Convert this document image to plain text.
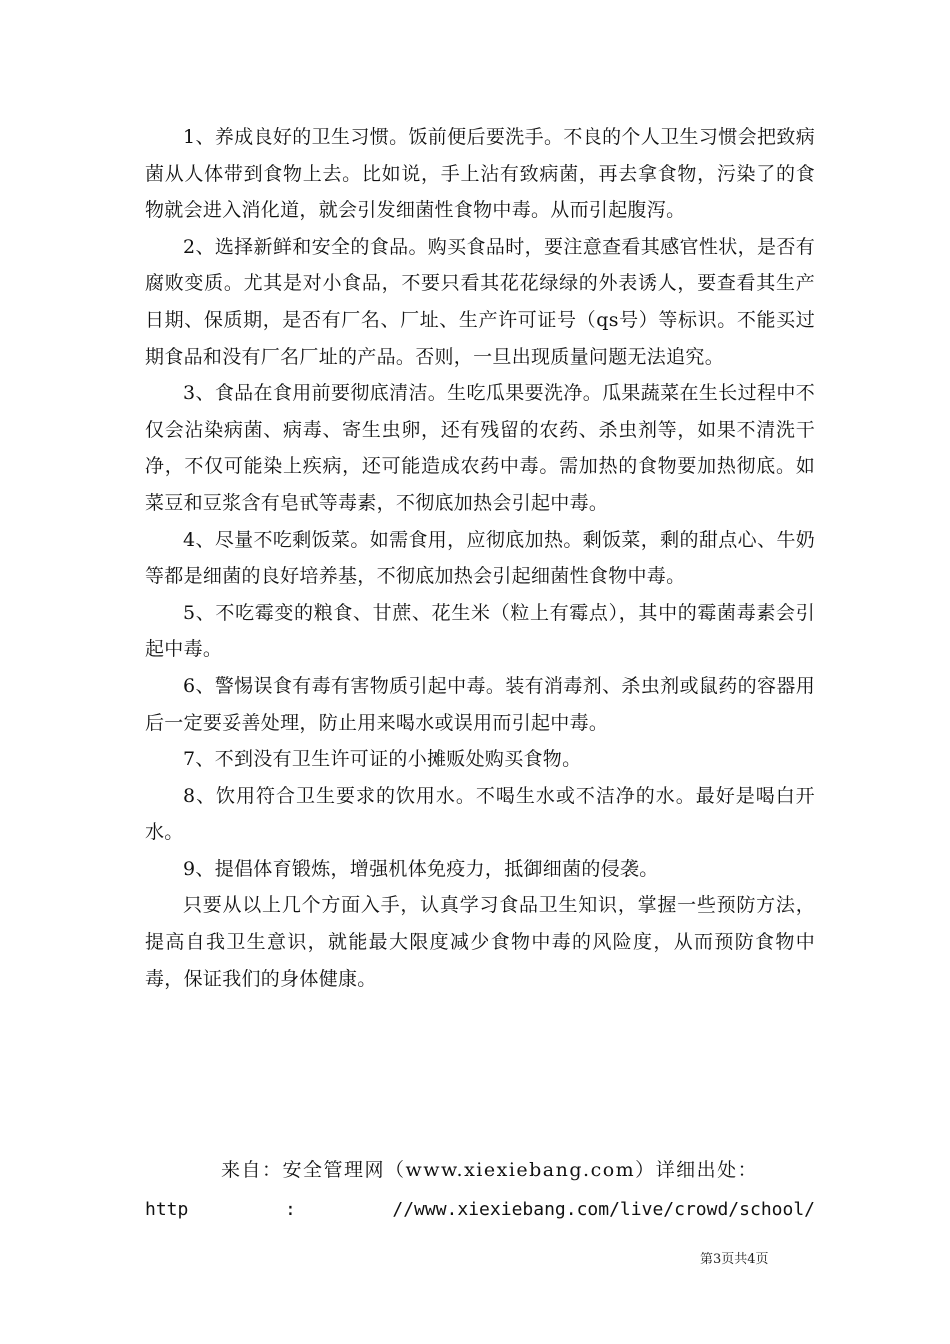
1、养成良好的卫生习惯。饭前便后要洗手。不良的个人卫生习惯会把致病菌从人体带到食物上去。比如说，手上沾有致病菌，再去拿食物，污染了的食物就会进入消化道，就会引发细菌性食物中毒。从而引起腹泻。

2、选择新鲜和安全的食品。购买食品时，要注意查看其感官性状，是否有腐败变质。尤其是对小食品，不要只看其花花绿绿的外表诱人，要查看其生产日期、保质期，是否有厂名、厂址、生产许可证号（qs号）等标识。不能买过期食品和没有厂名厂址的产品。否则，一旦出现质量问题无法追究。

3、食品在食用前要彻底清洁。生吃瓜果要洗净。瓜果蔬菜在生长过程中不仅会沾染病菌、病毒、寄生虫卵，还有残留的农药、杀虫剂等，如果不清洗干净，不仅可能染上疾病，还可能造成农药中毒。需加热的食物要加热彻底。如菜豆和豆浆含有皂甙等毒素，不彻底加热会引起中毒。

4、尽量不吃剩饭菜。如需食用，应彻底加热。剩饭菜，剩的甜点心、牛奶等都是细菌的良好培养基，不彻底加热会引起细菌性食物中毒。

5、不吃霉变的粮食、甘蔗、花生米（粒上有霉点），其中的霉菌毒素会引起中毒。

6、警惕误食有毒有害物质引起中毒。装有消毒剂、杀虫剂或鼠药的容器用后一定要妥善处理，防止用来喝水或误用而引起中毒。

7、不到没有卫生许可证的小摊贩处购买食物。

8、饮用符合卫生要求的饮用水。不喝生水或不洁净的水。最好是喝白开水。

9、提倡体育锻炼，增强机体免疫力，抵御细菌的侵袭。

只要从以上几个方面入手，认真学习食品卫生知识，掌握一些预防方法，提高自我卫生意识，就能最大限度减少食物中毒的风险度，从而预防食物中毒，保证我们的身体健康。

来自：安全管理网（www.xiexiebang.com）详细出处：
http	:	//www.xiexiebang.com/live/crowd/school/
第3页共4页
